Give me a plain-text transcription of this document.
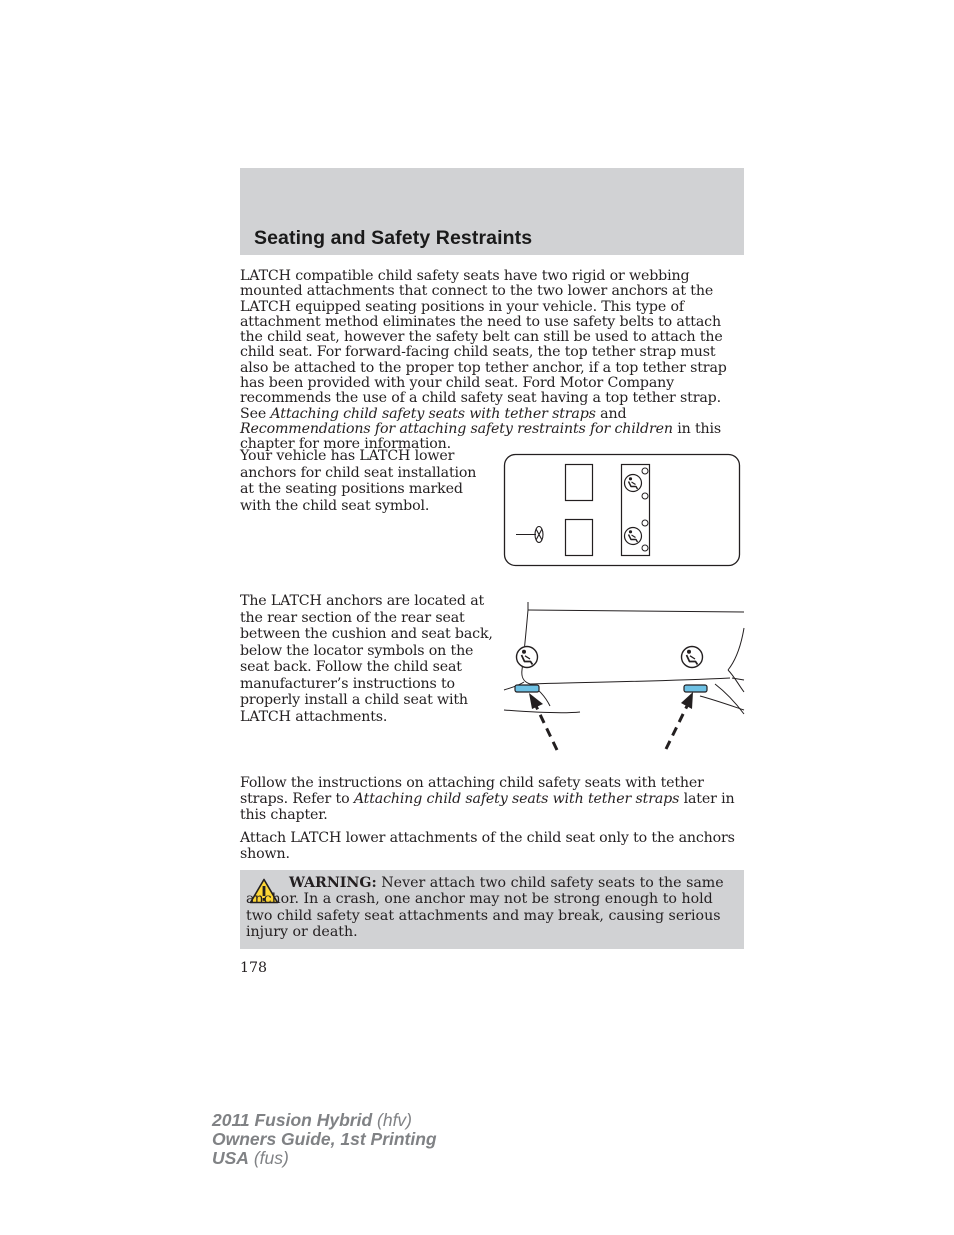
Seating and Safety Restraints

LATCH compatible child safety seats have two rigid or webbing mounted attachments that connect to the two lower anchors at the LATCH equipped seating positions in your vehicle. This type of attachment method eliminates the need to use safety belts to attach the child seat, however the safety belt can still be used to attach the child seat. For forward-facing child seats, the top tether strap must also be attached to the proper top tether anchor, if a top tether strap has been provided with your child seat. Ford Motor Company recommends the use of a child safety seat having a top tether strap. See Attaching child safety seats with tether straps and Recommendations for attaching safety restraints for children in this chapter for more information.

Your vehicle has LATCH lower anchors for child seat installation at the seating positions marked with the child seat symbol.

The LATCH anchors are located at the rear section of the rear seat between the cushion and seat back, below the locator symbols on the seat back. Follow the child seat manufacturer’s instructions to properly install a child seat with LATCH attachments.

Follow the instructions on attaching child safety seats with tether straps. Refer to Attaching child safety seats with tether straps later in this chapter.

Attach LATCH lower attachments of the child seat only to the anchors shown.

WARNING: Never attach two child safety seats to the same anchor. In a crash, one anchor may not be strong enough to hold two child safety seat attachments and may break, causing serious injury or death.

178

2011 Fusion Hybrid (hfv)
Owners Guide, 1st Printing
USA (fus)
